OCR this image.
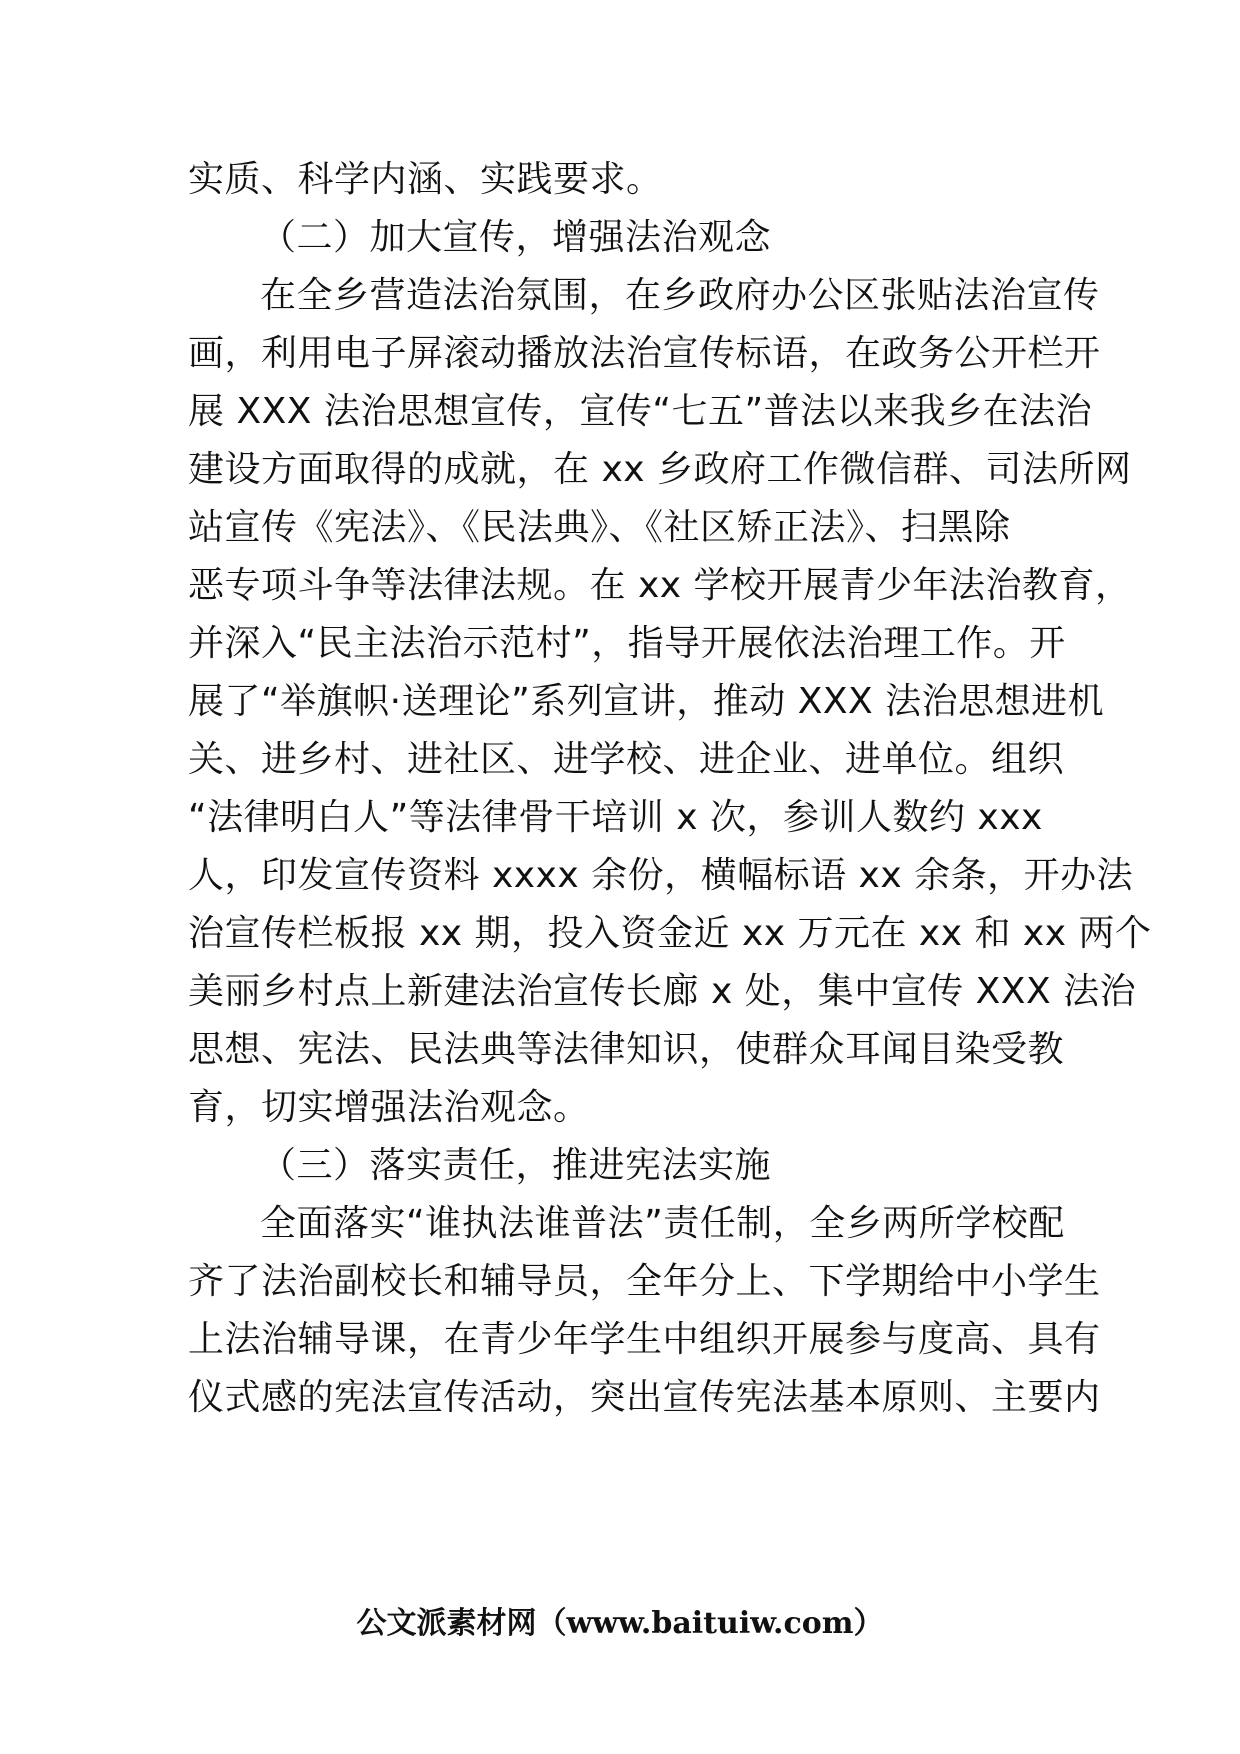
实质、科学内涵、实践要求。
（二）加大宣传，增强法治观念
在全乡营造法治氛围，在乡政府办公区张贴法治宣传
画，利用电子屏滚动播放法治宣传标语，在政务公开栏开
展 XXX 法治思想宣传，宣传“七五”普法以来我乡在法治
建设方面取得的成就，在 xx 乡政府工作微信群、司法所网
站宣传《宪法》、《民法典》、《社区矫正法》、扫黑除
恶专项斗争等法律法规。在 xx 学校开展青少年法治教育，
并深入“民主法治示范村”，指导开展依法治理工作。开
展了“举旗帜·送理论”系列宣讲，推动 XXX 法治思想进机
关、进乡村、进社区、进学校、进企业、进单位。组织
“法律明白人”等法律骨干培训 x 次，参训人数约 xxx
人，印发宣传资料 xxxx 余份，横幅标语 xx 余条，开办法
治宣传栏板报 xx 期，投入资金近 xx 万元在 xx 和 xx 两个
美丽乡村点上新建法治宣传长廊 x 处，集中宣传 XXX 法治
思想、宪法、民法典等法律知识，使群众耳闻目染受教
育，切实增强法治观念。
（三）落实责任，推进宪法实施
全面落实“谁执法谁普法”责任制，全乡两所学校配
齐了法治副校长和辅导员，全年分上、下学期给中小学生
上法治辅导课，在青少年学生中组织开展参与度高、具有
仪式感的宪法宣传活动，突出宣传宪法基本原则、主要内
公文派素材网（www.baituiw.com）
